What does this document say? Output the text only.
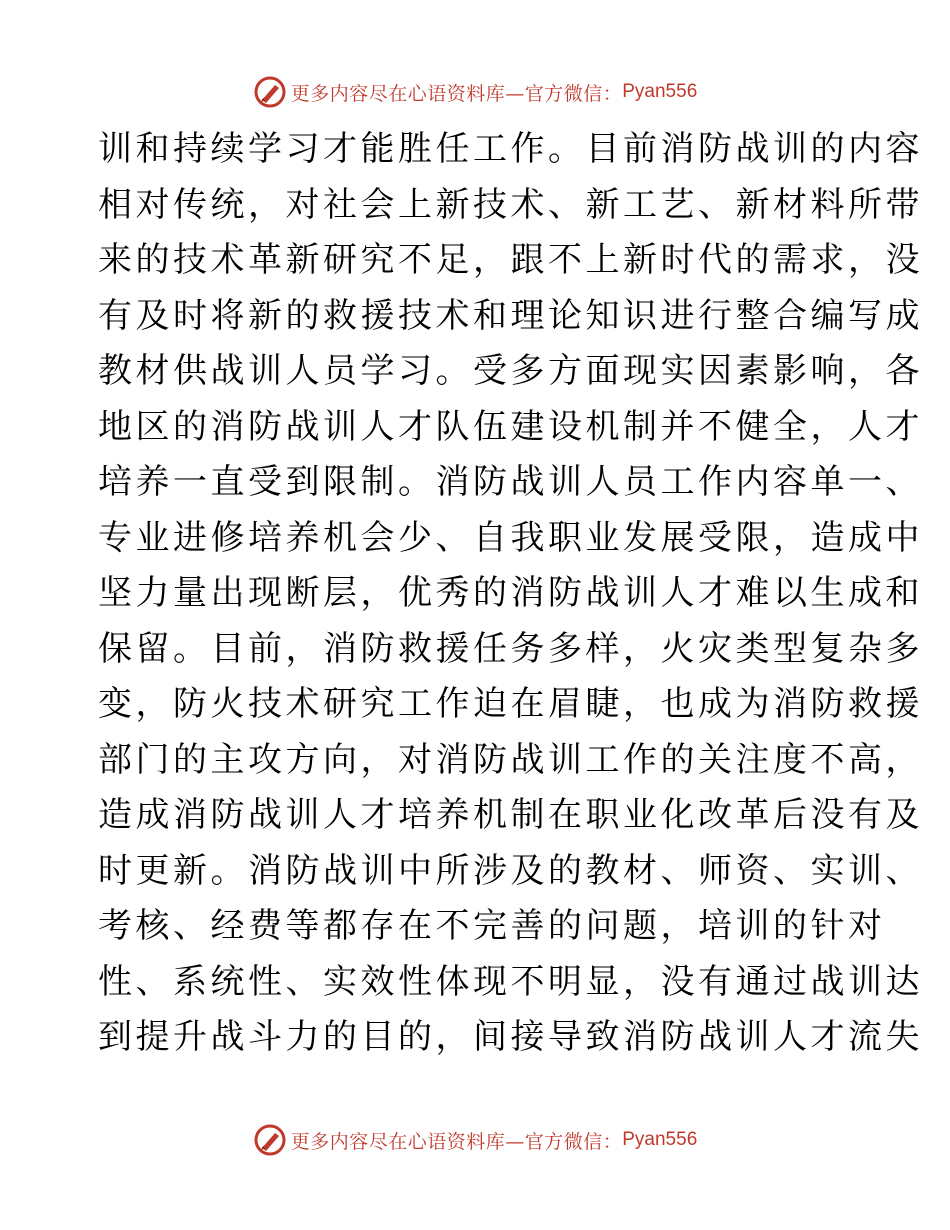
更多内容尽在心语资料库—官方微信： Pyan556
训和持续学习才能胜任工作。目前消防战训的内容
相对传统，对社会上新技术、新工艺、新材料所带
来的技术革新研究不足，跟不上新时代的需求，没
有及时将新的救援技术和理论知识进行整合编写成
教材供战训人员学习。受多方面现实因素影响，各
地区的消防战训人才队伍建设机制并不健全，人才
培养一直受到限制。消防战训人员工作内容单一、
专业进修培养机会少、自我职业发展受限，造成中
坚力量出现断层，优秀的消防战训人才难以生成和
保留。目前，消防救援任务多样，火灾类型复杂多
变，防火技术研究工作迫在眉睫，也成为消防救援
部门的主攻方向，对消防战训工作的关注度不高，
造成消防战训人才培养机制在职业化改革后没有及
时更新。消防战训中所涉及的教材、师资、实训、
考核、经费等都存在不完善的问题，培训的针对
性、系统性、实效性体现不明显，没有通过战训达
到提升战斗力的目的，间接导致消防战训人才流失
更多内容尽在心语资料库—官方微信： Pyan556
